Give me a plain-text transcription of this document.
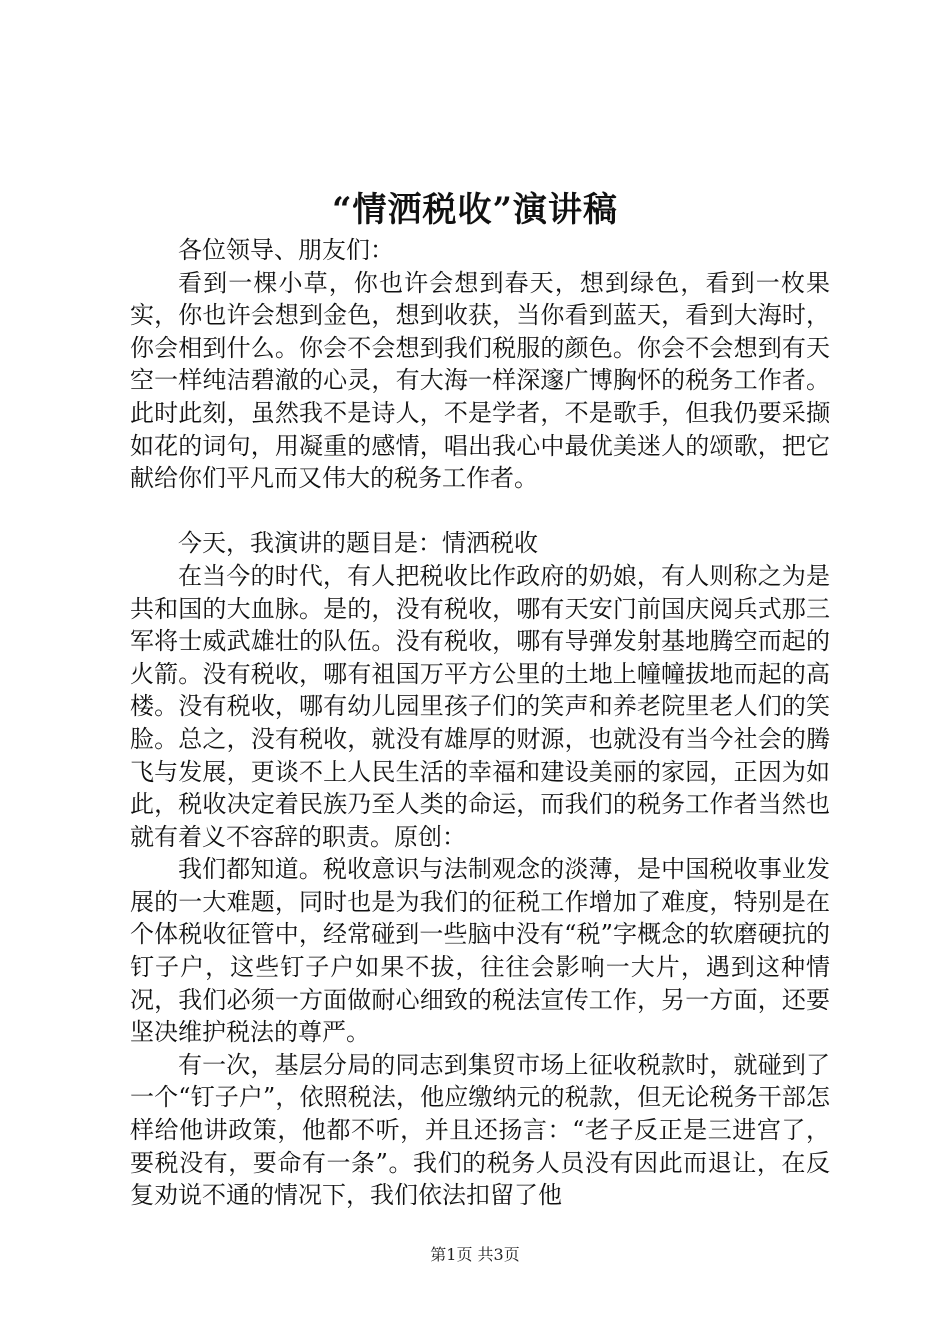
“情洒税收”演讲稿

各位领导、朋友们：

看到一棵小草，你也许会想到春天，想到绿色，看到一枚果实，你也许会想到金色，想到收获，当你看到蓝天，看到大海时，你会相到什么。你会不会想到我们税服的颜色。你会不会想到有天空一样纯洁碧澈的心灵，有大海一样深邃广博胸怀的税务工作者。此时此刻，虽然我不是诗人，不是学者，不是歌手，但我仍要采撷如花的词句，用凝重的感情，唱出我心中最优美迷人的颂歌，把它献给你们平凡而又伟大的税务工作者。

今天，我演讲的题目是：情洒税收

在当今的时代，有人把税收比作政府的奶娘，有人则称之为是共和国的大血脉。是的，没有税收，哪有天安门前国庆阅兵式那三军将士威武雄壮的队伍。没有税收，哪有导弹发射基地腾空而起的火箭。没有税收，哪有祖国万平方公里的土地上幢幢拔地而起的高楼。没有税收，哪有幼儿园里孩子们的笑声和养老院里老人们的笑脸。总之，没有税收，就没有雄厚的财源，也就没有当今社会的腾飞与发展，更谈不上人民生活的幸福和建设美丽的家园，正因为如此，税收决定着民族乃至人类的命运，而我们的税务工作者当然也就有着义不容辞的职责。原创：

我们都知道。税收意识与法制观念的淡薄，是中国税收事业发展的一大难题，同时也是为我们的征税工作增加了难度，特别是在个体税收征管中，经常碰到一些脑中没有“税”字概念的软磨硬抗的钉子户，这些钉子户如果不拔，往往会影响一大片，遇到这种情况，我们必须一方面做耐心细致的税法宣传工作，另一方面，还要坚决维护税法的尊严。

有一次，基层分局的同志到集贸市场上征收税款时，就碰到了一个“钉子户”，依照税法，他应缴纳元的税款，但无论税务干部怎样给他讲政策，他都不听，并且还扬言：“老子反正是三进宫了，要税没有，要命有一条”。我们的税务人员没有因此而退让，在反复劝说不通的情况下，我们依法扣留了他

第1页 共3页
